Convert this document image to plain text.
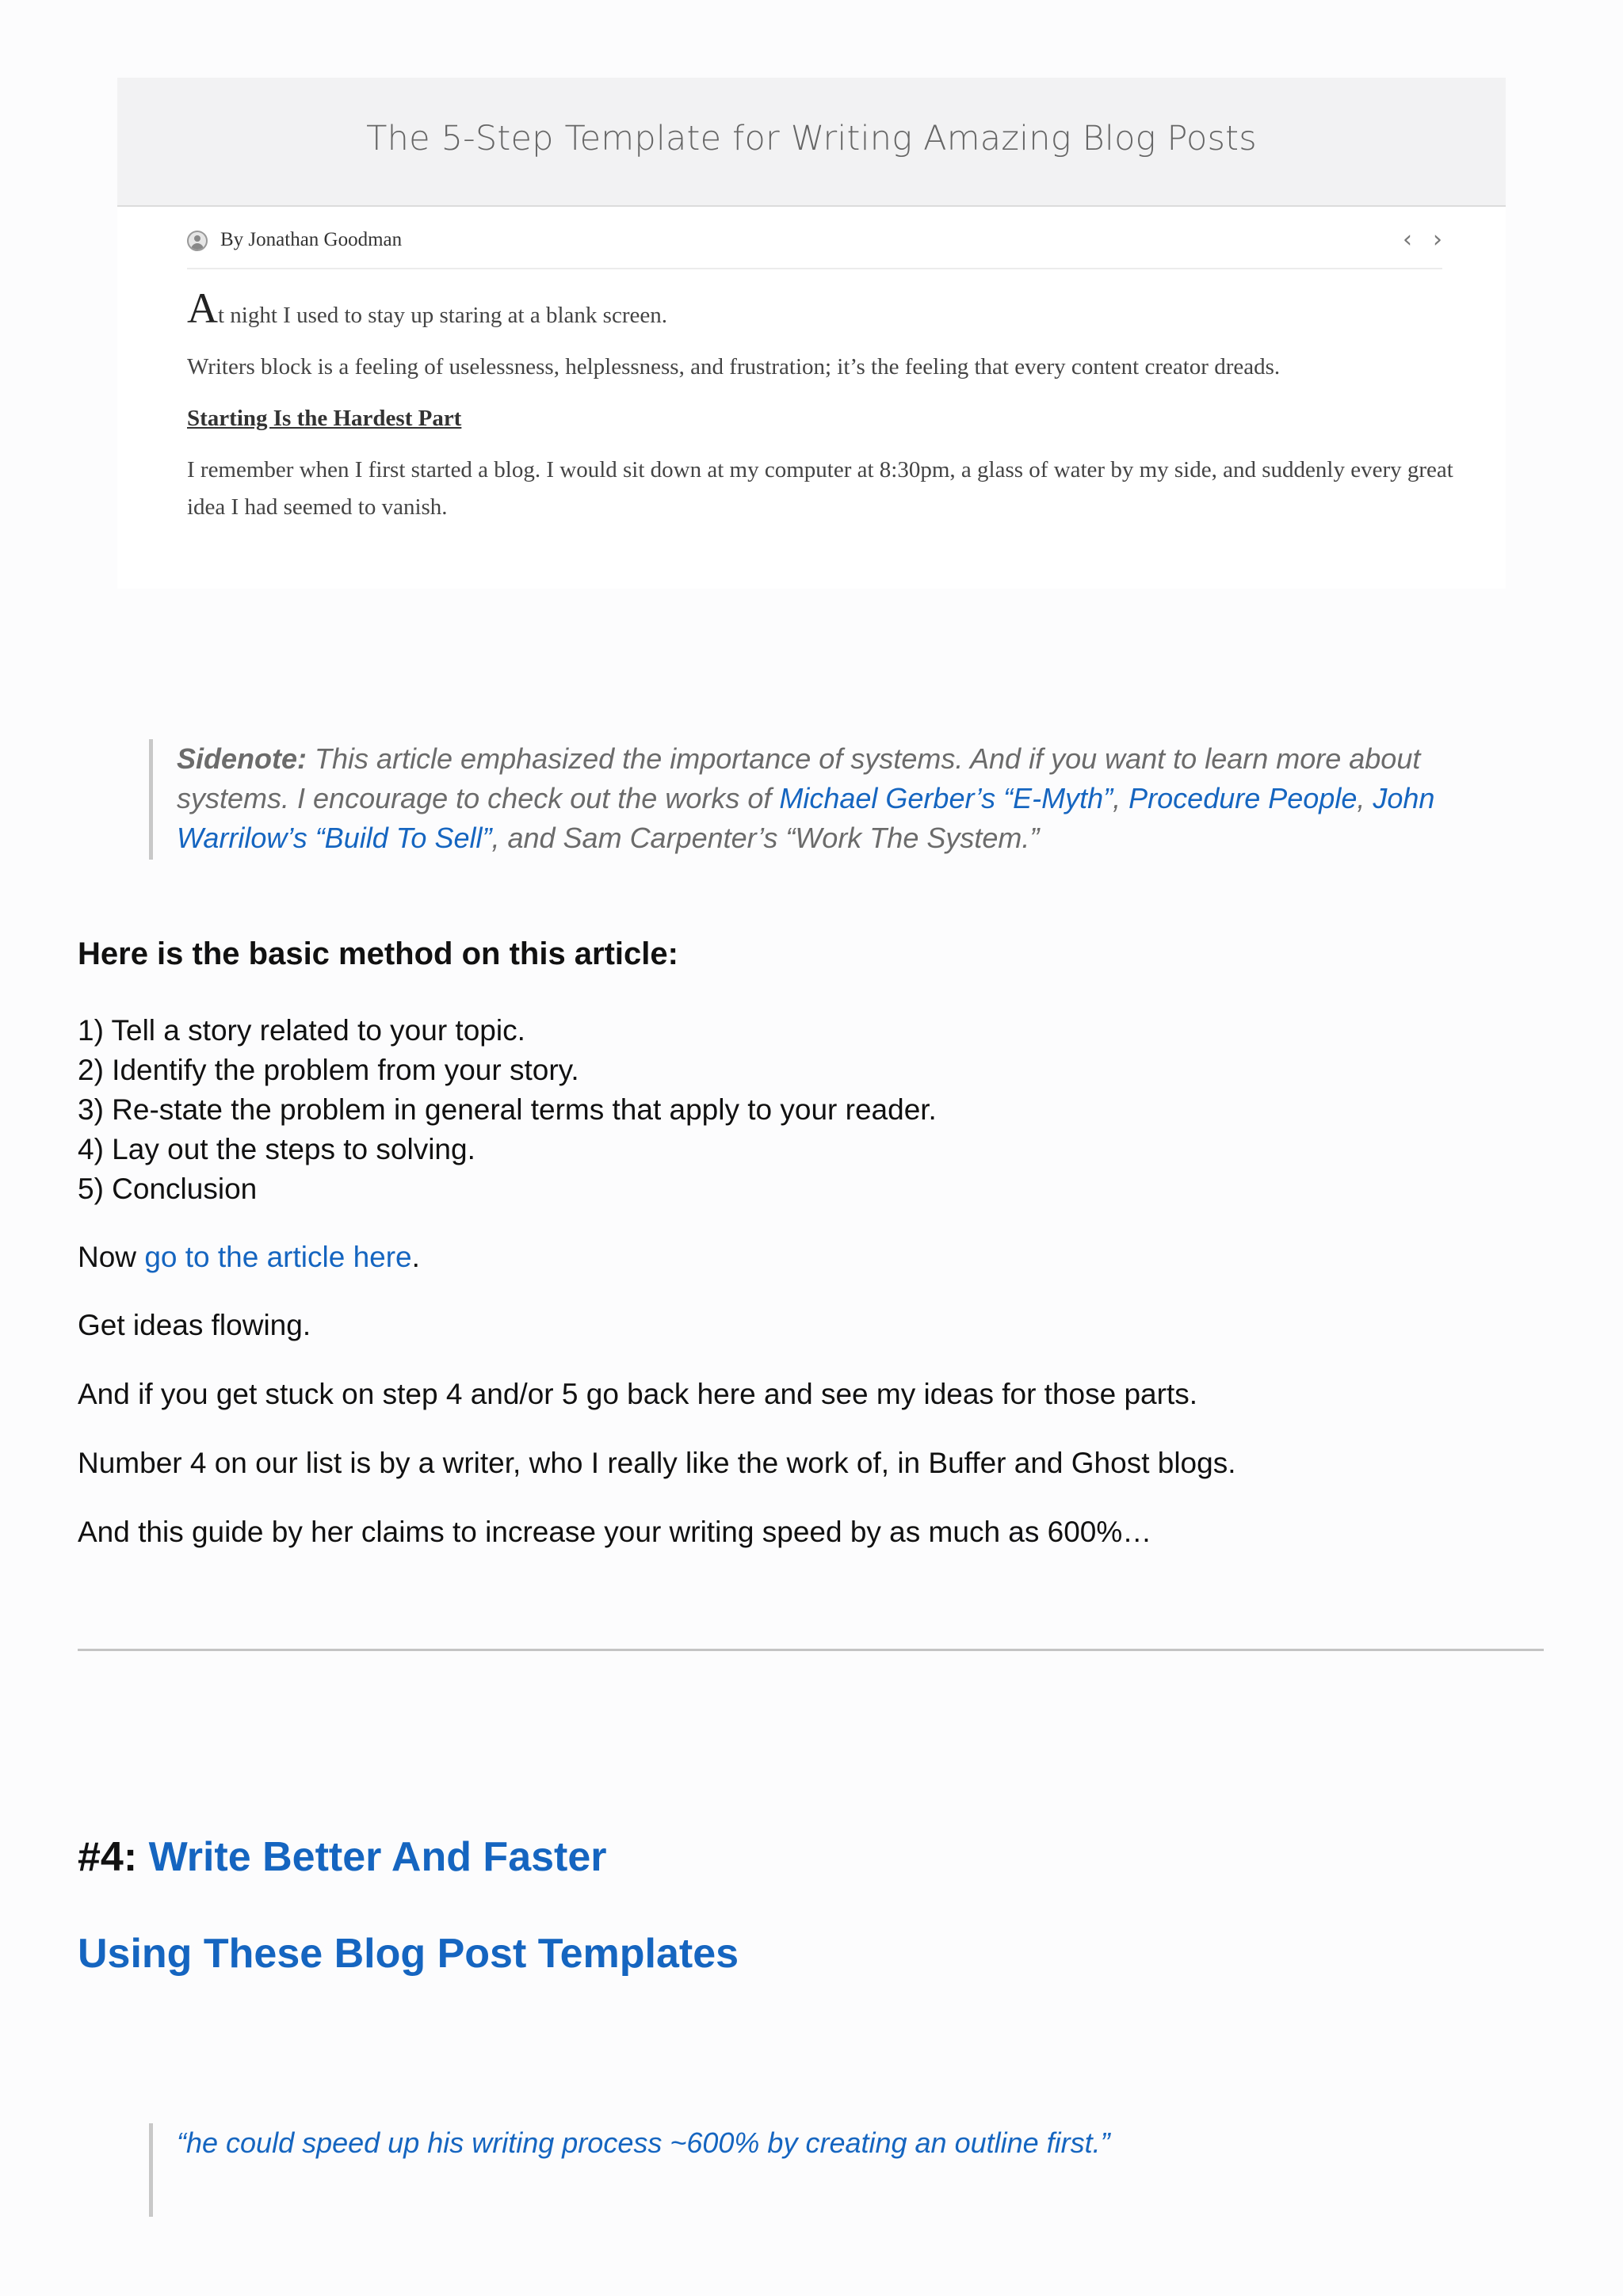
The 5-Step Template for Writing Amazing Blog Posts
By Jonathan Goodman	‹ ›

At night I used to stay up staring at a blank screen.

Writers block is a feeling of uselessness, helplessness, and frustration; it’s the feeling that every content creator dreads.

Starting Is the Hardest Part

I remember when I first started a blog. I would sit down at my computer at 8:30pm, a glass of water by my side, and suddenly every great idea I had seemed to vanish.

Sidenote: This article emphasized the importance of systems. And if you want to learn more about systems. I encourage to check out the works of Michael Gerber’s “E-Myth”, Procedure People, John Warrilow’s “Build To Sell”, and Sam Carpenter’s “Work The System.”
Here is the basic method on this article:
1) Tell a story related to your topic.
2) Identify the problem from your story.
3) Re-state the problem in general terms that apply to your reader.
4) Lay out the steps to solving.
5) Conclusion

Now go to the article here.

Get ideas flowing.

And if you get stuck on step 4 and/or 5 go back here and see my ideas for those parts.

Number 4 on our list is by a writer, who I really like the work of, in Buffer and Ghost blogs.

And this guide by her claims to increase your writing speed by as much as 600%…

#4: Write Better And Faster
Using These Blog Post Templates
“he could speed up his writing process ~600% by creating an outline first.”
